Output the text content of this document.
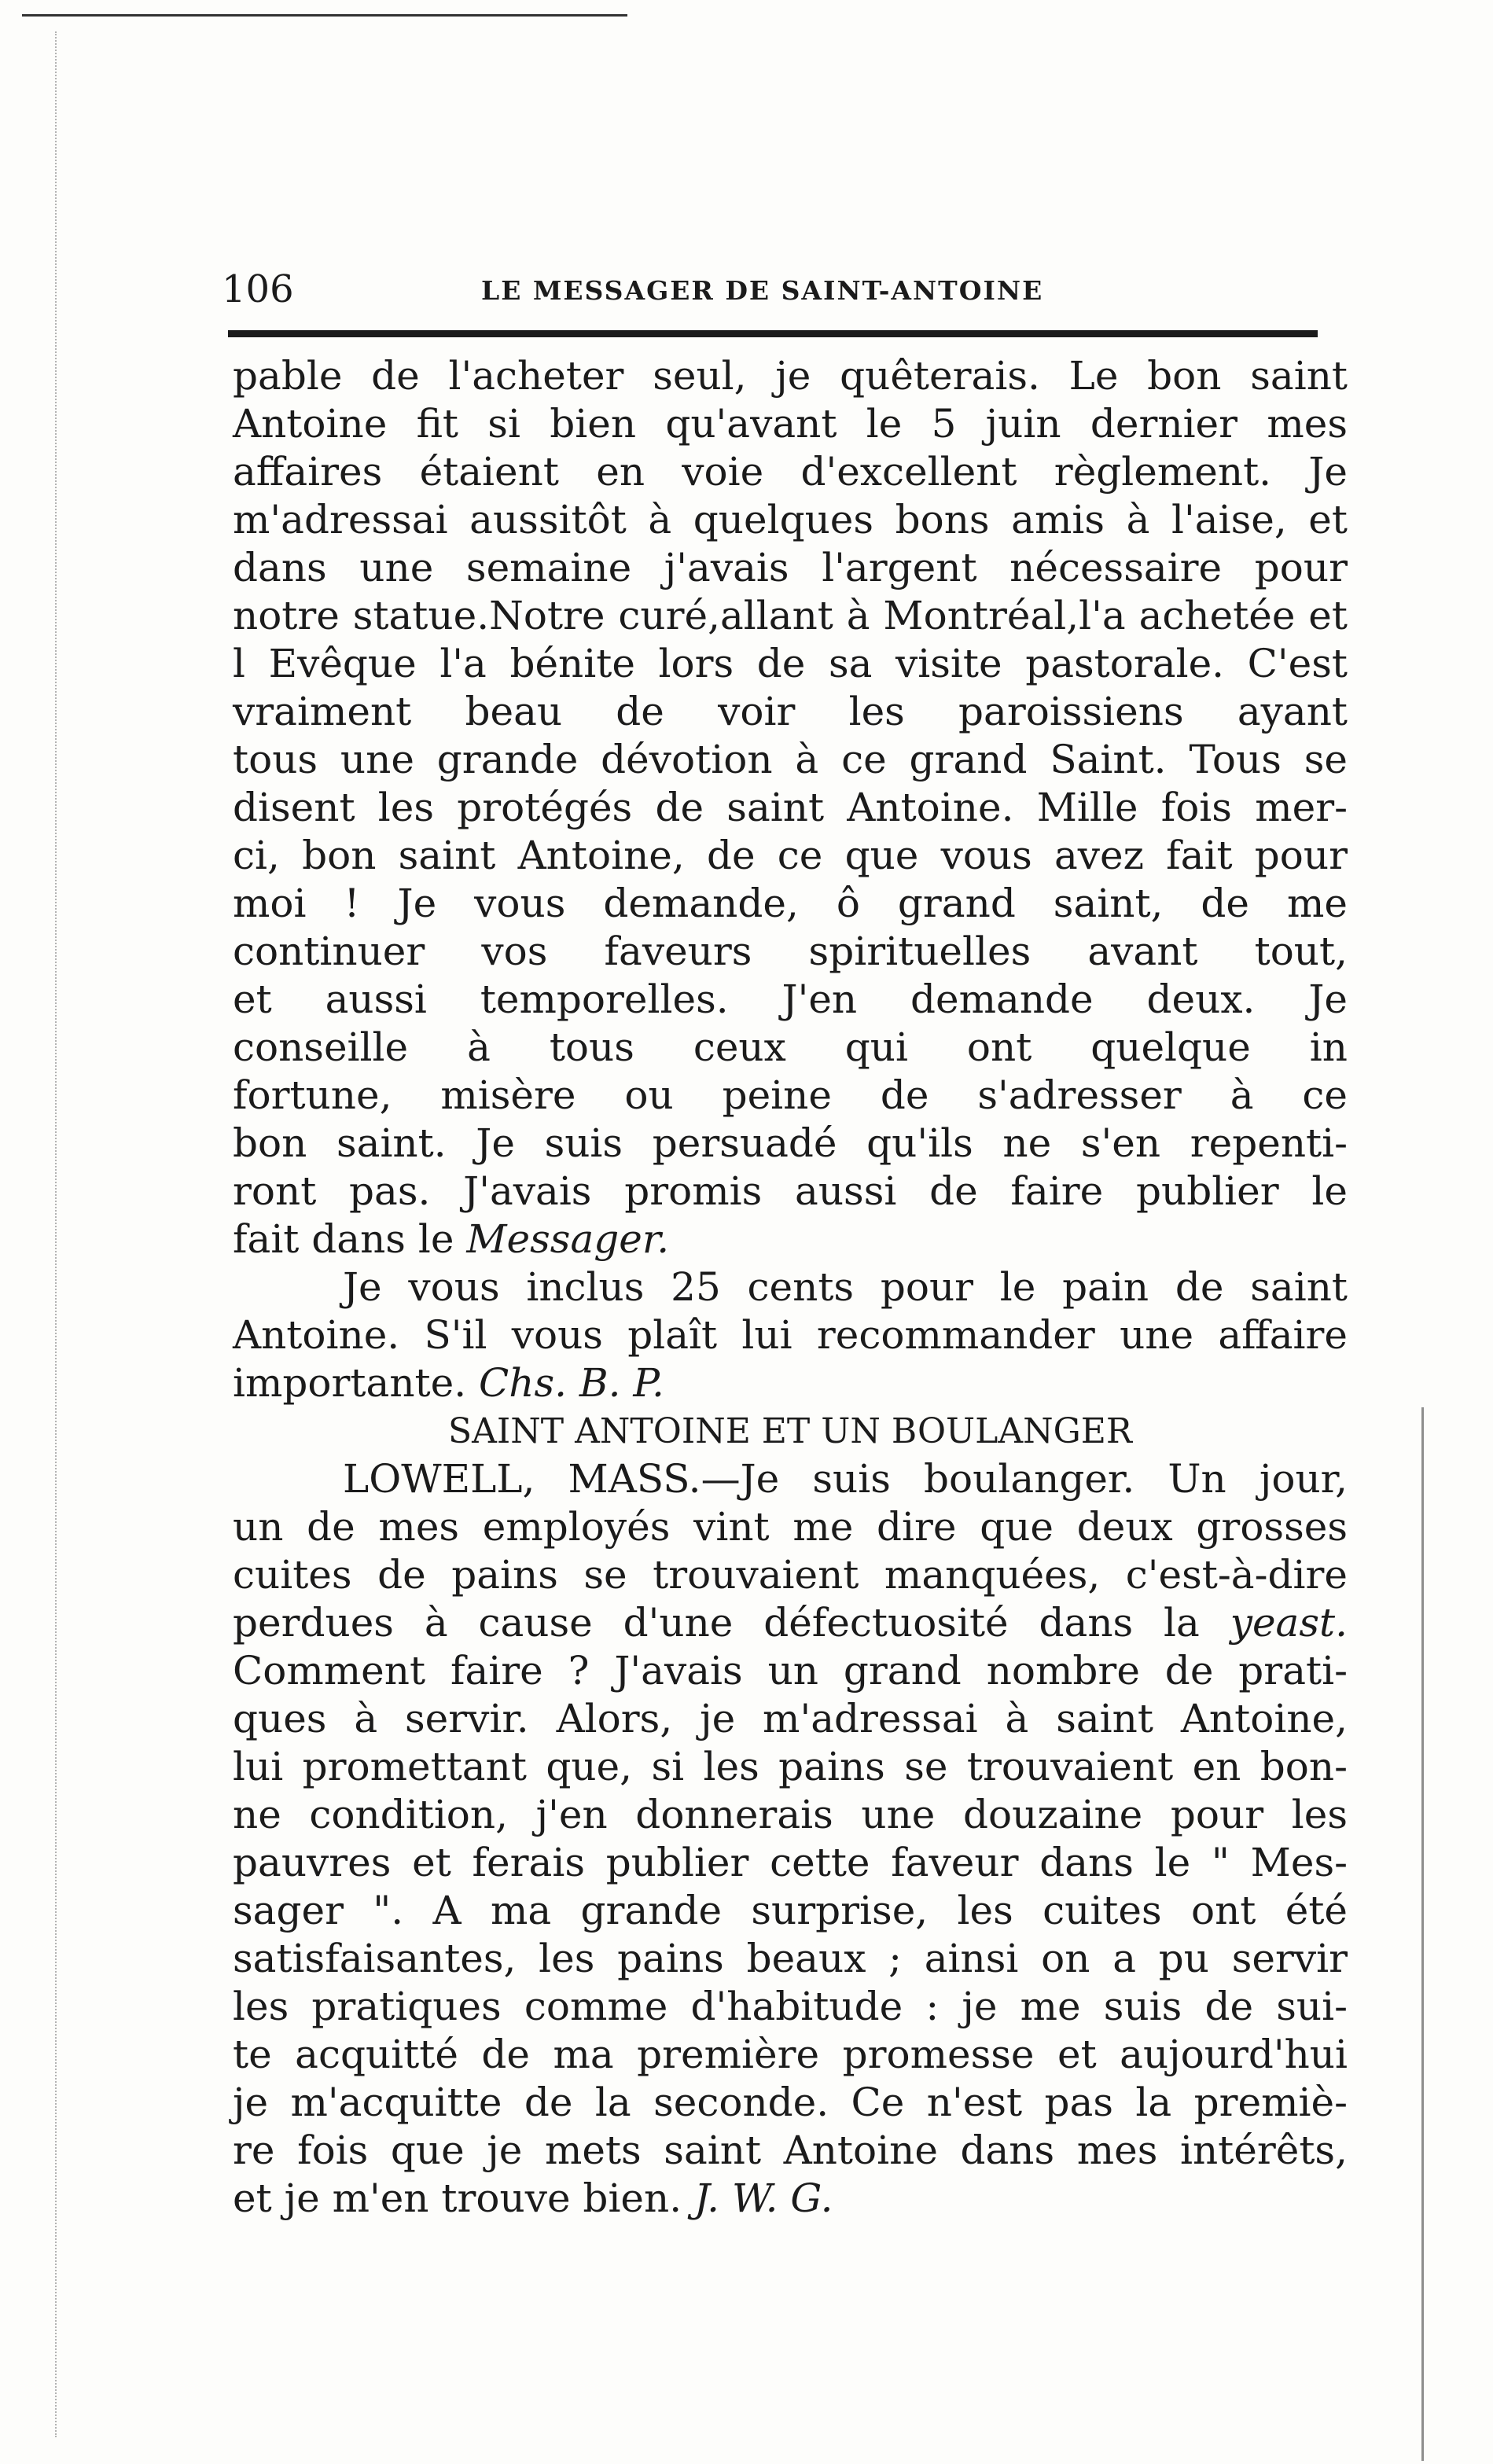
106	LE MESSAGER DE SAINT-ANTOINE
pable de l'acheter seul, je quêterais. Le bon saint
Antoine fit si bien qu'avant le 5 juin dernier mes
affaires étaient en voie d'excellent règlement. Je
m'adressai aussitôt à quelques bons amis à l'aise, et
dans une semaine j'avais l'argent nécessaire pour
notre statue.Notre curé,allant à Montréal,l'a achetée et
l Evêque l'a bénite lors de sa visite pastorale. C'est
vraiment beau de voir les paroissiens ayant
tous une grande dévotion à ce grand Saint. Tous se
disent les protégés de saint Antoine. Mille fois mer-
ci, bon saint Antoine, de ce que vous avez fait pour
moi ! Je vous demande, ô grand saint, de me
continuer vos faveurs spirituelles avant tout,
et aussi temporelles. J'en demande deux. Je
conseille à tous ceux qui ont quelque in
fortune, misère ou peine de s'adresser à ce
bon saint. Je suis persuadé qu'ils ne s'en repenti-
ront pas. J'avais promis aussi de faire publier le
fait dans le Messager.
Je vous inclus 25 cents pour le pain de saint
Antoine. S'il vous plaît lui recommander une affaire
importante. Chs. B. P.
SAINT ANTOINE ET UN BOULANGER
LOWELL, MASS.—Je suis boulanger. Un jour,
un de mes employés vint me dire que deux grosses
cuites de pains se trouvaient manquées, c'est-à-dire
perdues à cause d'une défectuosité dans la yeast.
Comment faire ? J'avais un grand nombre de prati-
ques à servir. Alors, je m'adressai à saint Antoine,
lui promettant que, si les pains se trouvaient en bon-
ne condition, j'en donnerais une douzaine pour les
pauvres et ferais publier cette faveur dans le " Mes-
sager ". A ma grande surprise, les cuites ont été
satisfaisantes, les pains beaux ; ainsi on a pu servir
les pratiques comme d'habitude : je me suis de sui-
te acquitté de ma première promesse et aujourd'hui
je m'acquitte de la seconde. Ce n'est pas la premiè-
re fois que je mets saint Antoine dans mes intérêts,
et je m'en trouve bien. J. W. G.
